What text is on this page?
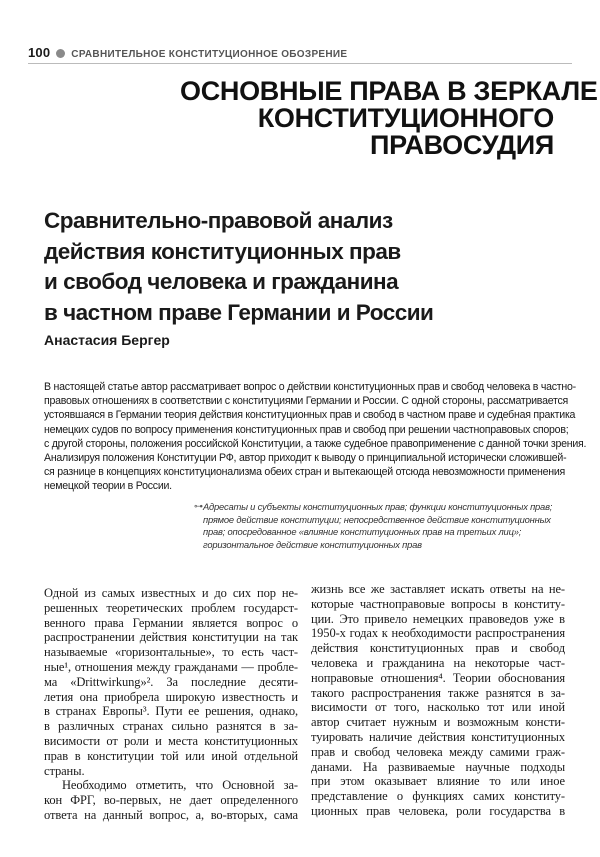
100 СРАВНИТЕЛЬНОЕ КОНСТИТУЦИОННОЕ ОБОЗРЕНИЕ
ОСНОВНЫЕ ПРАВА В ЗЕРКАЛЕ
КОНСТИТУЦИОННОГО
ПРАВОСУДИЯ
Сравнительно-правовой анализ
действия конституционных прав
и свобод человека и гражданина
в частном праве Германии и России
Анастасия Бергер
В настоящей статье автор рассматривает вопрос о действии конституционных прав и свобод человека в частно-
правовых отношениях в соответствии с конституциями Германии и России. С одной стороны, рассматривается
устоявшаяся в Германии теория действия конституционных прав и свобод в частном праве и судебная практика
немецких судов по вопросу применения конституционных прав и свобод при решении частноправовых споров;
с другой стороны, положения российской Конституции, а также судебное правоприменение с данной точки зрения.
Анализируя положения Конституции РФ, автор приходит к выводу о принципиальной исторически сложившей-
ся разнице в концепциях конституционализма обеих стран и вытекающей отсюда невозможности применения
немецкой теории в России.
⊶ Адресаты и субъекты конституционных прав; функции конституционных прав;
прямое действие конституции; непосредственное действие конституционных
прав; опосредованное «влияние конституционных прав на третьих лиц»;
горизонтальное действие конституционных прав
Одной из самых известных и до сих пор не-
решенных теоретических проблем государст-
венного права Германии является вопрос о
распространении действия конституции на так
называемые «горизонтальные», то есть част-
ные¹, отношения между гражданами — пробле-
ма «Drittwirkung»². За последние десяти-
летия она приобрела широкую известность и
в странах Европы³. Пути ее решения, однако,
в различных странах сильно разнятся в за-
висимости от роли и места конституционных
прав в конституции той или иной отдельной
страны.
Необходимо отметить, что Основной за-
кон ФРГ, во-первых, не дает определенного
ответа на данный вопрос, а, во-вторых, сама
жизнь все же заставляет искать ответы на не-
которые частноправовые вопросы в конститу-
ции. Это привело немецких правоведов уже в
1950-х годах к необходимости распространения
действия конституционных прав и свобод
человека и гражданина на некоторые част-
ноправовые отношения⁴. Теории обоснования
такого распространения также разнятся в за-
висимости от того, насколько тот или иной
автор считает нужным и возможным консти-
туировать наличие действия конституционных
прав и свобод человека между самими граж-
данами. На развиваемые научные подходы
при этом оказывает влияние то или иное
представление о функциях самих конститу-
ционных прав человека, роли государства в
